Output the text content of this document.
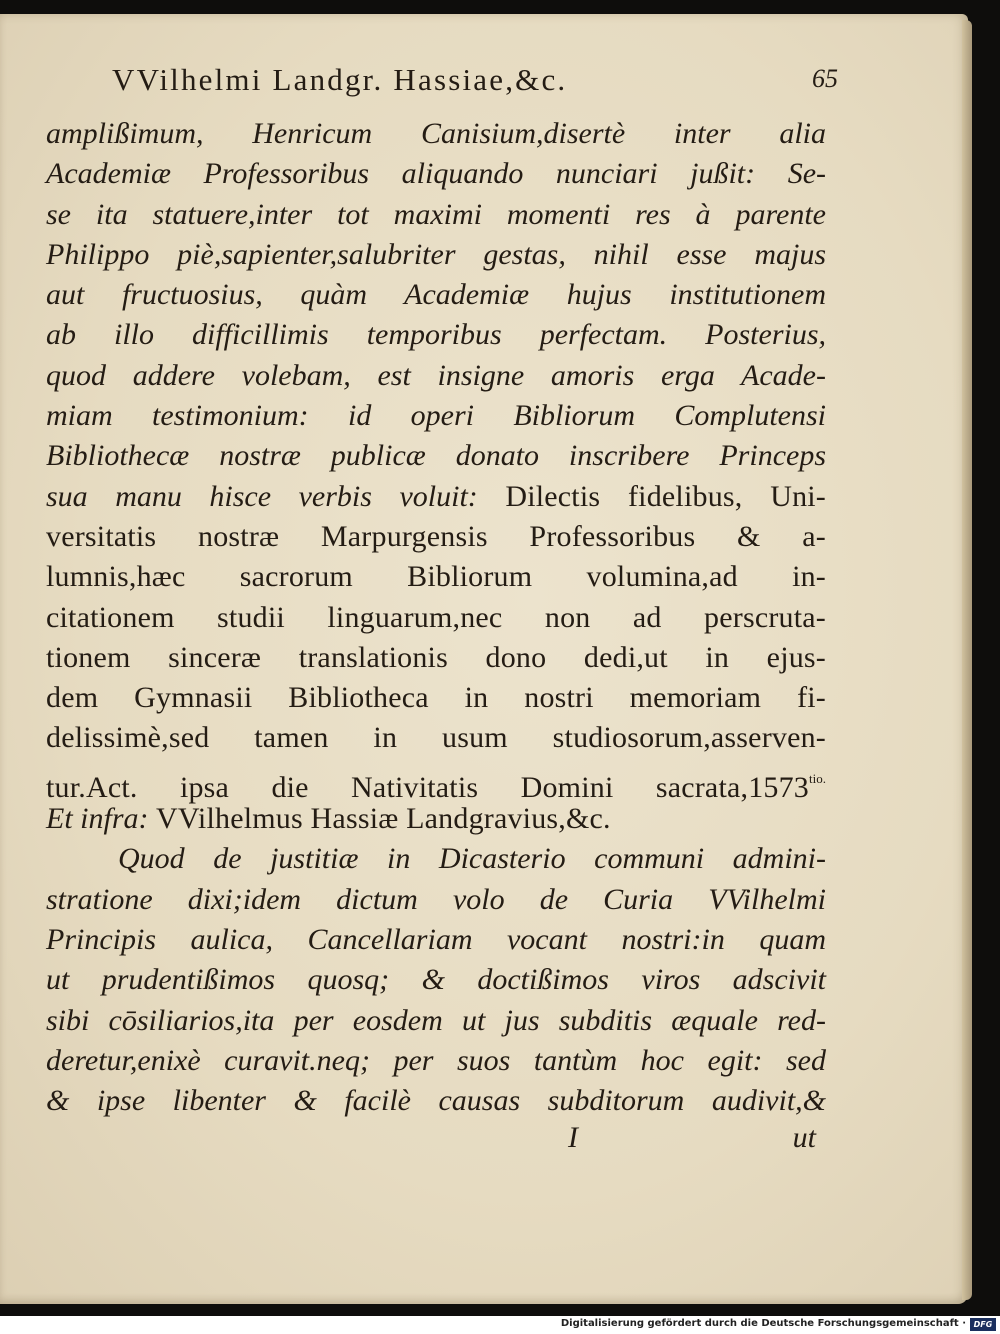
VVilhelmi Landgr. Hassiae,&c.	65
amplißimum, Henricum Canisium,disertè inter alia
Academiæ Professoribus aliquando nunciari jußit: Se-
se ita statuere,inter tot maximi momenti res à parente
Philippo piè,sapienter,salubriter gestas, nihil esse majus
aut fructuosius, quàm Academiæ hujus institutionem
ab illo difficillimis temporibus perfectam. Posterius,
quod addere volebam, est insigne amoris erga Acade-
miam testimonium: id operi Bibliorum Complutensi
Bibliothecæ nostræ publicæ donato inscribere Princeps
sua manu hisce verbis voluit: Dilectis fidelibus, Uni-
versitatis nostræ Marpurgensis Professoribus & a-
lumnis,hæc sacrorum Bibliorum volumina,ad in-
citationem studii linguarum,nec non ad perscruta-
tionem sinceræ translationis dono dedi,ut in ejus-
dem Gymnasii Bibliotheca in nostri memoriam fi-
delissimè,sed tamen in usum studiosorum,asserven-
tur.Act. ipsa die Nativitatis Domini $sacrata,1573^{tio.}$
Et infra: VVilhelmus Hassiæ Landgravius,&c.
Quod de justitiæ in Dicasterio communi admini-
stratione dixi;idem dictum volo de Curia VVilhelmi
Principis aulica, Cancellariam vocant nostri:in quam
ut prudentißimos quosq; & doctißimos viros adscivit
sibi cōsiliarios,ita per eosdem ut jus subditis æquale red-
deretur,enixè curavit.neq; per suos tantùm hoc egit: sed
& ipse libenter & facilè causas subditorum audivit,&
I	ut
Digitalisierung gefördert durch die Deutsche Forschungsgemeinschaft · DFG
